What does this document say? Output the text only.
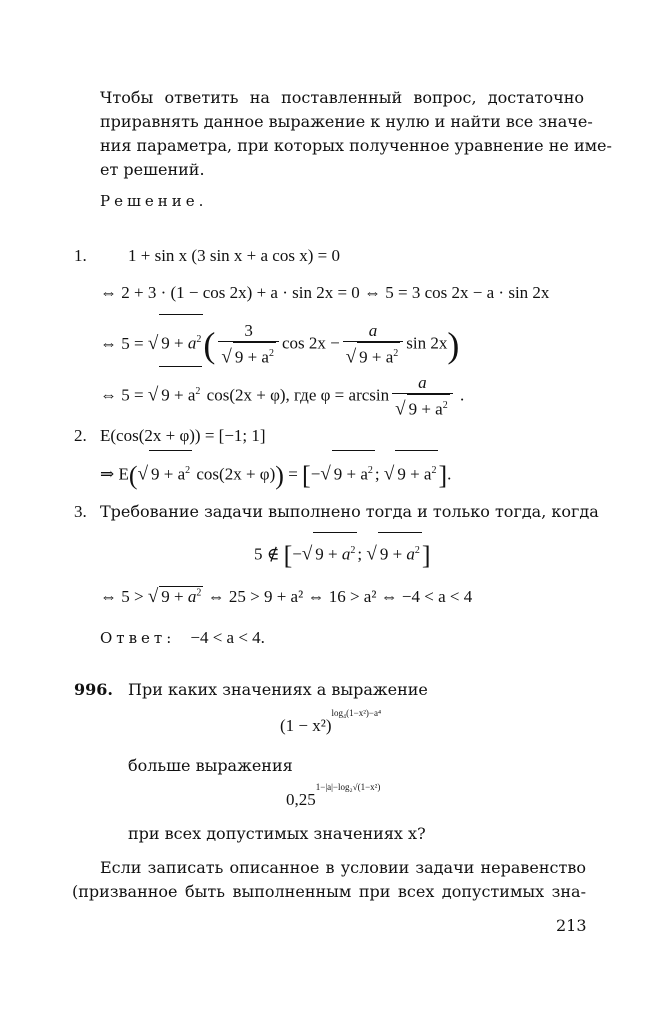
Чтобы ответить на поставленный вопрос, достаточно
приравнять данное выражение к нулю и найти все значе-
ния параметра, при которых полученное уравнение не име-
ет решений.
Решение.
1. 1 + sin x (3 sin x + a cos x) = 0
⇔ 2 + 3 · (1 − cos 2x) + a · sin 2x = 0 ⇔ 5 = 3 cos 2x − a · sin 2x
⇔ 5 = √ $9 + a^2( \frac{3}{√ 9 + a^2}$ $\cos 2x - \frac{a}{√ 9 + a^2}$ sin 2x)
⇔ 5 = √ $9 + a^2$ cos(2x + φ), где $\varphi = \arcsin \frac{a}{√ 9 + a^2}$ .
2. E(cos(2x + φ)) = [−1; 1]
⇒ E(√ $9 + a^2$ cos(2x + φ)) = [−√ $9 + a^2$ ; √ $9 + a^2$].
3. Требование задачи выполнено тогда и только тогда, когда
5 ∉ [−√ $9 + a^2$ ; √ $9 + a^2$]
⇔ 5 > √ $9 + a^2$ ⇔ 25 > 9 + a² ⇔ 16 > a² ⇔ −4 < a < 4
Ответ: −4 < a < 4.
996. При каких значениях a выражение
$(1 - x^2)^{log_4(1-x^2)-a^4}$
больше выражения
$0,25^{1-|a|-log_2√(1-x^2)}$
при всех допустимых значениях x?
Если записать описанное в условии задачи неравенство
(призванное быть выполненным при всех допустимых зна-
213
